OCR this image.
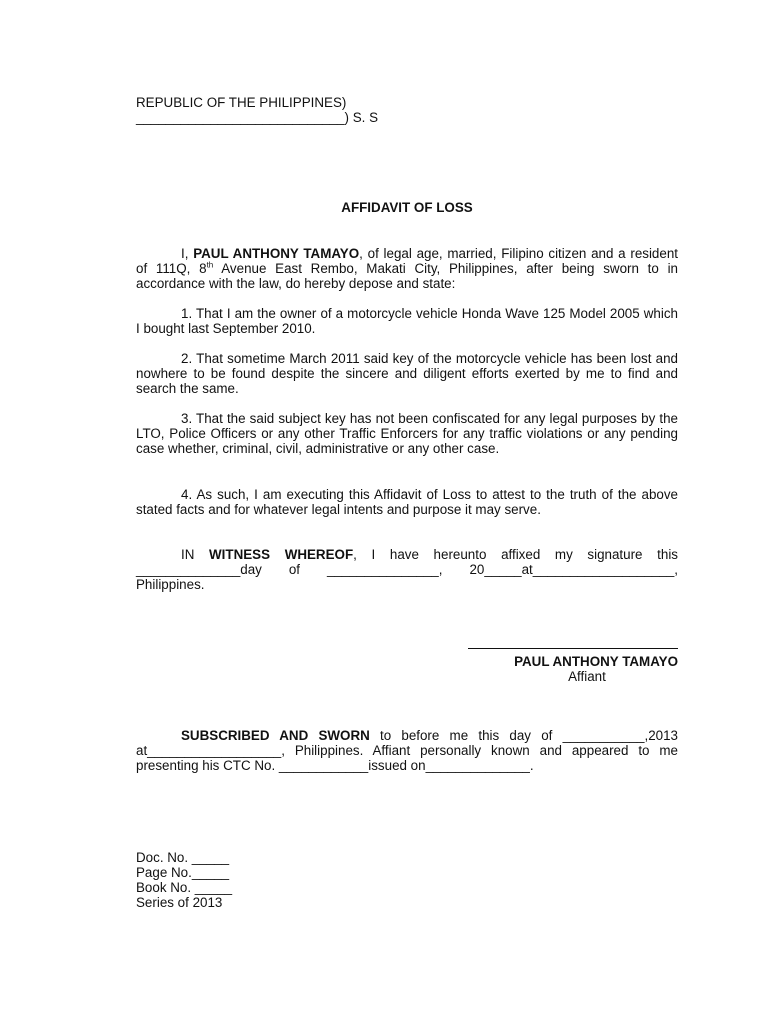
REPUBLIC OF THE PHILIPPINES)
____________________________) S. S
AFFIDAVIT OF LOSS
I, PAUL ANTHONY TAMAYO, of legal age, married, Filipino citizen and a resident of 111Q, 8th Avenue East Rembo, Makati City, Philippines, after being sworn to in accordance with the law, do hereby depose and state:
1. That I am the owner of a motorcycle vehicle Honda Wave 125 Model 2005 which I bought last September 2010.
2. That sometime March 2011 said key of the motorcycle vehicle has been lost and nowhere to be found despite the sincere and diligent efforts exerted by me to find and search the same.
3. That the said subject key has not been confiscated for any legal purposes by the LTO, Police Officers or any other Traffic Enforcers for any traffic violations or any pending case whether, criminal, civil, administrative or any other case.
4. As such, I am executing this Affidavit of Loss to attest to the truth of the above stated facts and for whatever legal intents and purpose it may serve.
IN WITNESS WHEREOF, I have hereunto affixed my signature this ______________day of _______________, 20_____at___________________, Philippines.
PAUL ANTHONY TAMAYO
Affiant
SUBSCRIBED AND SWORN to before me this day of ___________,2013 at__________________, Philippines. Affiant personally known and appeared to me presenting his CTC No. ____________issued on______________.
Doc. No. _____
Page No._____
Book No. _____
Series of 2013
